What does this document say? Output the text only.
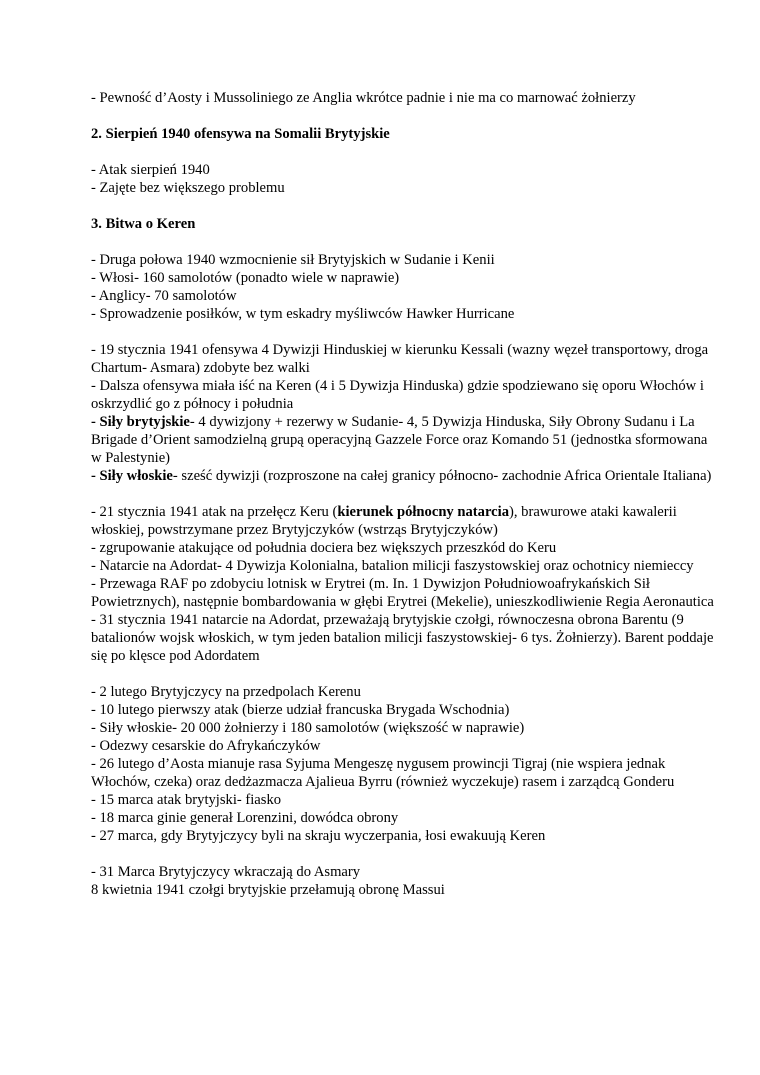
- Pewność d’Aosty i Mussoliniego ze Anglia wkrótce padnie i nie ma co marnować żołnierzy

2. Sierpień 1940 ofensywa na Somalii Brytyjskie

- Atak sierpień 1940

- Zajęte bez większego problemu

3. Bitwa o Keren

- Druga połowa 1940 wzmocnienie sił Brytyjskich w Sudanie i Kenii

- Włosi- 160 samolotów (ponadto wiele w naprawie)

- Anglicy- 70 samolotów

- Sprowadzenie posiłków, w tym eskadry myśliwców Hawker Hurricane

- 19 stycznia 1941 ofensywa 4 Dywizji Hinduskiej w kierunku Kessali (wazny węzeł transportowy, droga Chartum- Asmara) zdobyte bez walki

- Dalsza ofensywa miała iść na Keren (4 i 5 Dywizja Hinduska) gdzie spodziewano się oporu Włochów i oskrzydlić go z północy i południa

- Siły brytyjskie- 4 dywizjony + rezerwy w Sudanie- 4, 5 Dywizja Hinduska, Siły Obrony Sudanu i La Brigade d’Orient samodzielną grupą operacyjną Gazzele Force oraz Komando 51 (jednostka sformowana w Palestynie)

- Siły włoskie- sześć dywizji (rozproszone na całej granicy północno- zachodnie Africa Orientale Italiana)

- 21 stycznia 1941 atak na przełęcz Keru (kierunek północny natarcia), brawurowe ataki kawalerii włoskiej, powstrzymane przez Brytyjczyków (wstrząs Brytyjczyków)

- zgrupowanie atakujące od południa dociera bez większych przeszkód do Keru

- Natarcie na Adordat- 4 Dywizja Kolonialna, batalion milicji faszystowskiej oraz ochotnicy niemieccy

- Przewaga RAF po zdobyciu lotnisk w Erytrei (m. In. 1 Dywizjon Południowoafrykańskich Sił Powietrznych), następnie bombardowania w głębi Erytrei (Mekelie), unieszkodliwienie Regia Aeronautica

- 31 stycznia 1941 natarcie na Adordat, przeważają brytyjskie czołgi, równoczesna obrona Barentu (9 batalionów wojsk włoskich, w tym jeden batalion milicji faszystowskiej- 6 tys. Żołnierzy). Barent poddaje się po klęsce pod Adordatem

- 2 lutego Brytyjczycy na przedpolach Kerenu

- 10 lutego pierwszy atak (bierze udział francuska Brygada Wschodnia)

- Siły włoskie- 20 000 żołnierzy i 180 samolotów (większość w naprawie)

- Odezwy cesarskie do Afrykańczyków

- 26 lutego d’Aosta mianuje rasa Syjuma Mengeszę nygusem prowincji Tigraj (nie wspiera jednak Włochów, czeka) oraz dedżazmacza Ajalieua Byrru (również wyczekuje) rasem i zarządcą Gonderu

- 15 marca atak brytyjski- fiasko

- 18 marca ginie generał Lorenzini, dowódca obrony

- 27 marca, gdy Brytyjczycy byli na skraju wyczerpania, łosi ewakuują Keren

- 31 Marca Brytyjczycy wkraczają do Asmary

8 kwietnia 1941 czołgi brytyjskie przełamują obronę Massui
